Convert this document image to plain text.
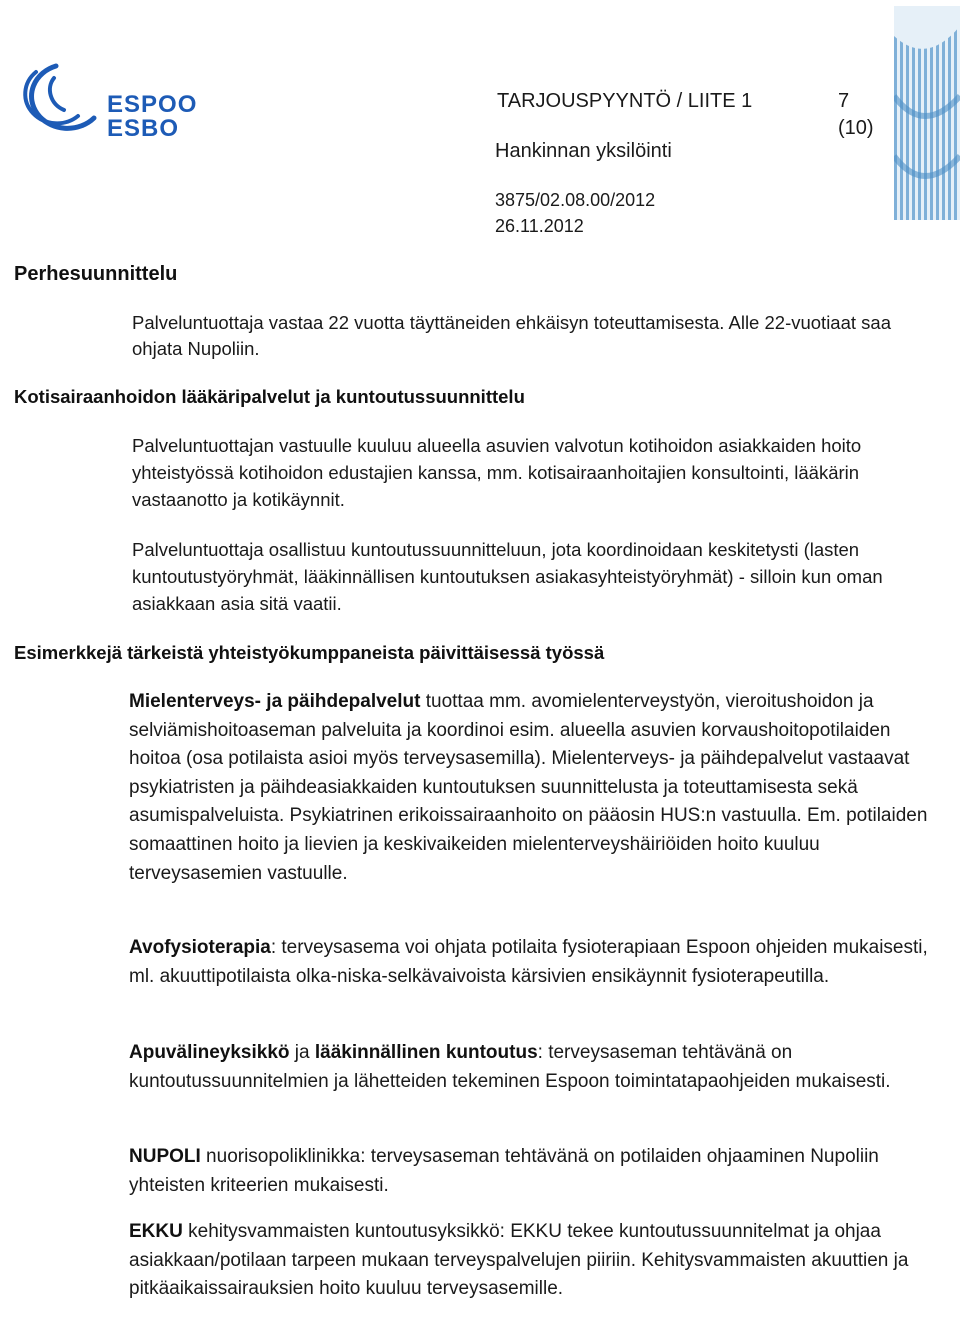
ESPOO
ESBO
TARJOUSPYYNTÖ / LIITE 1	7
(10)
Hankinnan yksilöinti
3875/02.08.00/2012
26.11.2012
Perhesuunnittelu
Palveluntuottaja vastaa 22 vuotta täyttäneiden ehkäisyn toteuttamisesta. Alle 22-vuotiaat saa ohjata Nupoliin.
Kotisairaanhoidon lääkäripalvelut ja kuntoutussuunnittelu
Palveluntuottajan vastuulle kuuluu alueella asuvien valvotun kotihoidon asiakkaiden hoito yhteistyössä kotihoidon edustajien kanssa, mm. kotisairaanhoitajien konsultointi, lääkärin vastaanotto ja kotikäynnit.
Palveluntuottaja osallistuu kuntoutussuunnitteluun, jota koordinoidaan keskitetysti (lasten kuntoutustyöryhmät, lääkinnällisen kuntoutuksen asiakasyhteistyöryhmät) - silloin kun oman asiakkaan asia sitä vaatii.
Esimerkkejä tärkeistä yhteistyökumppaneista päivittäisessä työssä
Mielenterveys- ja päihdepalvelut tuottaa mm. avomielenterveystyön, vieroitushoidon ja selviämishoitoaseman palveluita ja koordinoi esim. alueella asuvien korvaushoitopotilaiden hoitoa (osa potilaista asioi myös terveysasemilla). Mielenterveys- ja päihdepalvelut vastaavat psykiatristen ja päihdeasiakkaiden kuntoutuksen suunnittelusta ja toteuttamisesta sekä asumispalveluista. Psykiatrinen erikoissairaanhoito on pääosin HUS:n vastuulla. Em. potilaiden somaattinen hoito ja lievien ja keskivaikeiden mielenterveyshäiriöiden hoito kuuluu terveysasemien vastuulle.
Avofysioterapia: terveysasema voi ohjata potilaita fysioterapiaan Espoon ohjeiden mukaisesti, ml. akuuttipotilaista olka-niska-selkävaivoista kärsivien ensikäynnit fysioterapeutilla.
Apuvälineyksikkö ja lääkinnällinen kuntoutus: terveysaseman tehtävänä on kuntoutussuunnitelmien ja lähetteiden tekeminen Espoon toimintatapaohjeiden mukaisesti.
NUPOLI nuorisopoliklinikka: terveysaseman tehtävänä on potilaiden ohjaaminen Nupoliin yhteisten kriteerien mukaisesti.
EKKU kehitysvammaisten kuntoutusyksikkö: EKKU tekee kuntoutussuunnitelmat ja ohjaa asiakkaan/potilaan tarpeen mukaan terveyspalvelujen piiriin. Kehitysvammaisten akuuttien ja pitkäaikaissairauksien hoito kuuluu terveysasemille.
